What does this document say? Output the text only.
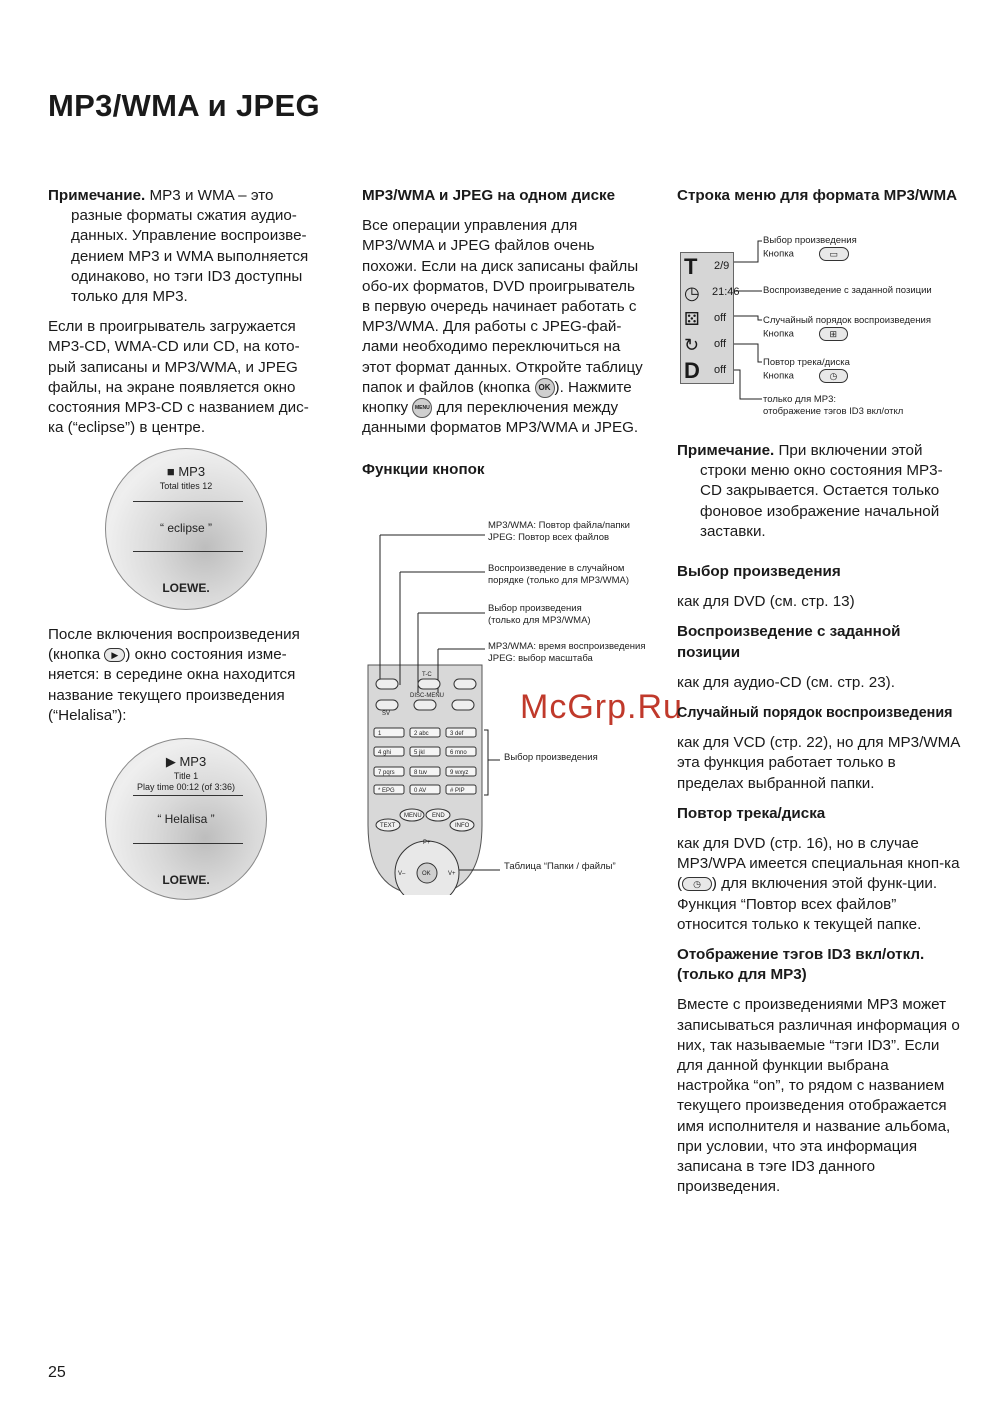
MP3/WMA и JPEG

Примечание. MP3 и WMA – это разные форматы сжатия аудио-данных. Управление воспроизве-дением MP3 и WMA выполняется одинаково, но тэги ID3 доступны только для MP3.

Если в проигрыватель загружается MP3-CD, WMA-CD или CD, на кото-рый записаны и MP3/WMA, и JPEG файлы, на экране появляется окно состояния MP3-CD с названием дис-ка (“eclipse”) в центре.

■ MP3
Total titles 12
“ eclipse ”
LOEWE.

После включения воспроизведения (кнопка ▶ ) окно состояния изме-няется: в середине окна находится название текущего произведения (“Helalisa”):

▶ MP3
Title 1
Play time 00:12 (of 3:36)
“ Helalisa ”
LOEWE.

MP3/WMA и JPEG на одном диске

Все операции управления для MP3/WMA и JPEG файлов очень похожи. Если на диск записаны файлы обо-их форматов, DVD проигрыватель в первую очередь начинает работать с MP3/WMA. Для работы с JPEG-фай-лами необходимо переключиться на этот формат данных. Откройте таблицу папок и файлов (кнопка OK ). Нажмите кнопку MENU для переключения между данными форматов MP3/WMA и JPEG.

Функции кнопок

MP3/WMA: Повтор файла/папки
JPEG: Повтор всех файлов
Воспроизведение в случайном
порядке (только для MP3/WMA)
Выбор произведения
(только для MP3/WMA)
MP3/WMA: время воспроизведения
JPEG: выбор масштаба
Выбор произведения
Таблица “Папки / файлы”
T-C
SV
DISC-MENU
1	2 abc	3 def
4 ghi	5 jkl	6 mno
7 pqrs	8 tuv	9 wxyz
* EPG	0 AV	# PIP
TEXT
MENU END
INFO
P+
V–	OK	V+
McGrp.Ru

Строка меню для формата MP3/WMA

T 2/9
◷ 21:46
⚄ off
↻ off
D off
Выбор произведения
Кнопка	▭
Воспроизведение с заданной позиции
Случайный порядок воспроизведения
Кнопка	⊞
Повтор трека/диска
Кнопка	◷
только для MP3:
отображение тэгов ID3 вкл/откл

Примечание. При включении этой строки меню окно состояния MP3-CD закрывается. Остается только фоновое изображение начальной заставки.

Выбор произведения

как для DVD (см. стр. 13)

Воспроизведение с заданной позиции

как для аудио-CD (см. стр. 23).

Случайный порядок воспроизведения

как для VCD (стр. 22), но для MP3/WMA эта функция работает только в пределах выбранной папки.

Повтор трека/диска

как для DVD (стр. 16), но в случае MP3/WPA имеется специальная кноп-ка ( ◷ ) для включения этой функ-ции. Функция “Повтор всех файлов” относится только к текущей папке.

Отображение тэгов ID3 вкл/откл. (только для MP3)

Вместе с произведениями MP3 может записываться различная информация о них, так называемые “тэги ID3”. Если для данной функции выбрана настройка “on”, то рядом с названием текущего произведения отображается имя исполнителя и название альбома, при условии, что эта информация записана в тэге ID3 данного произведения.

25
